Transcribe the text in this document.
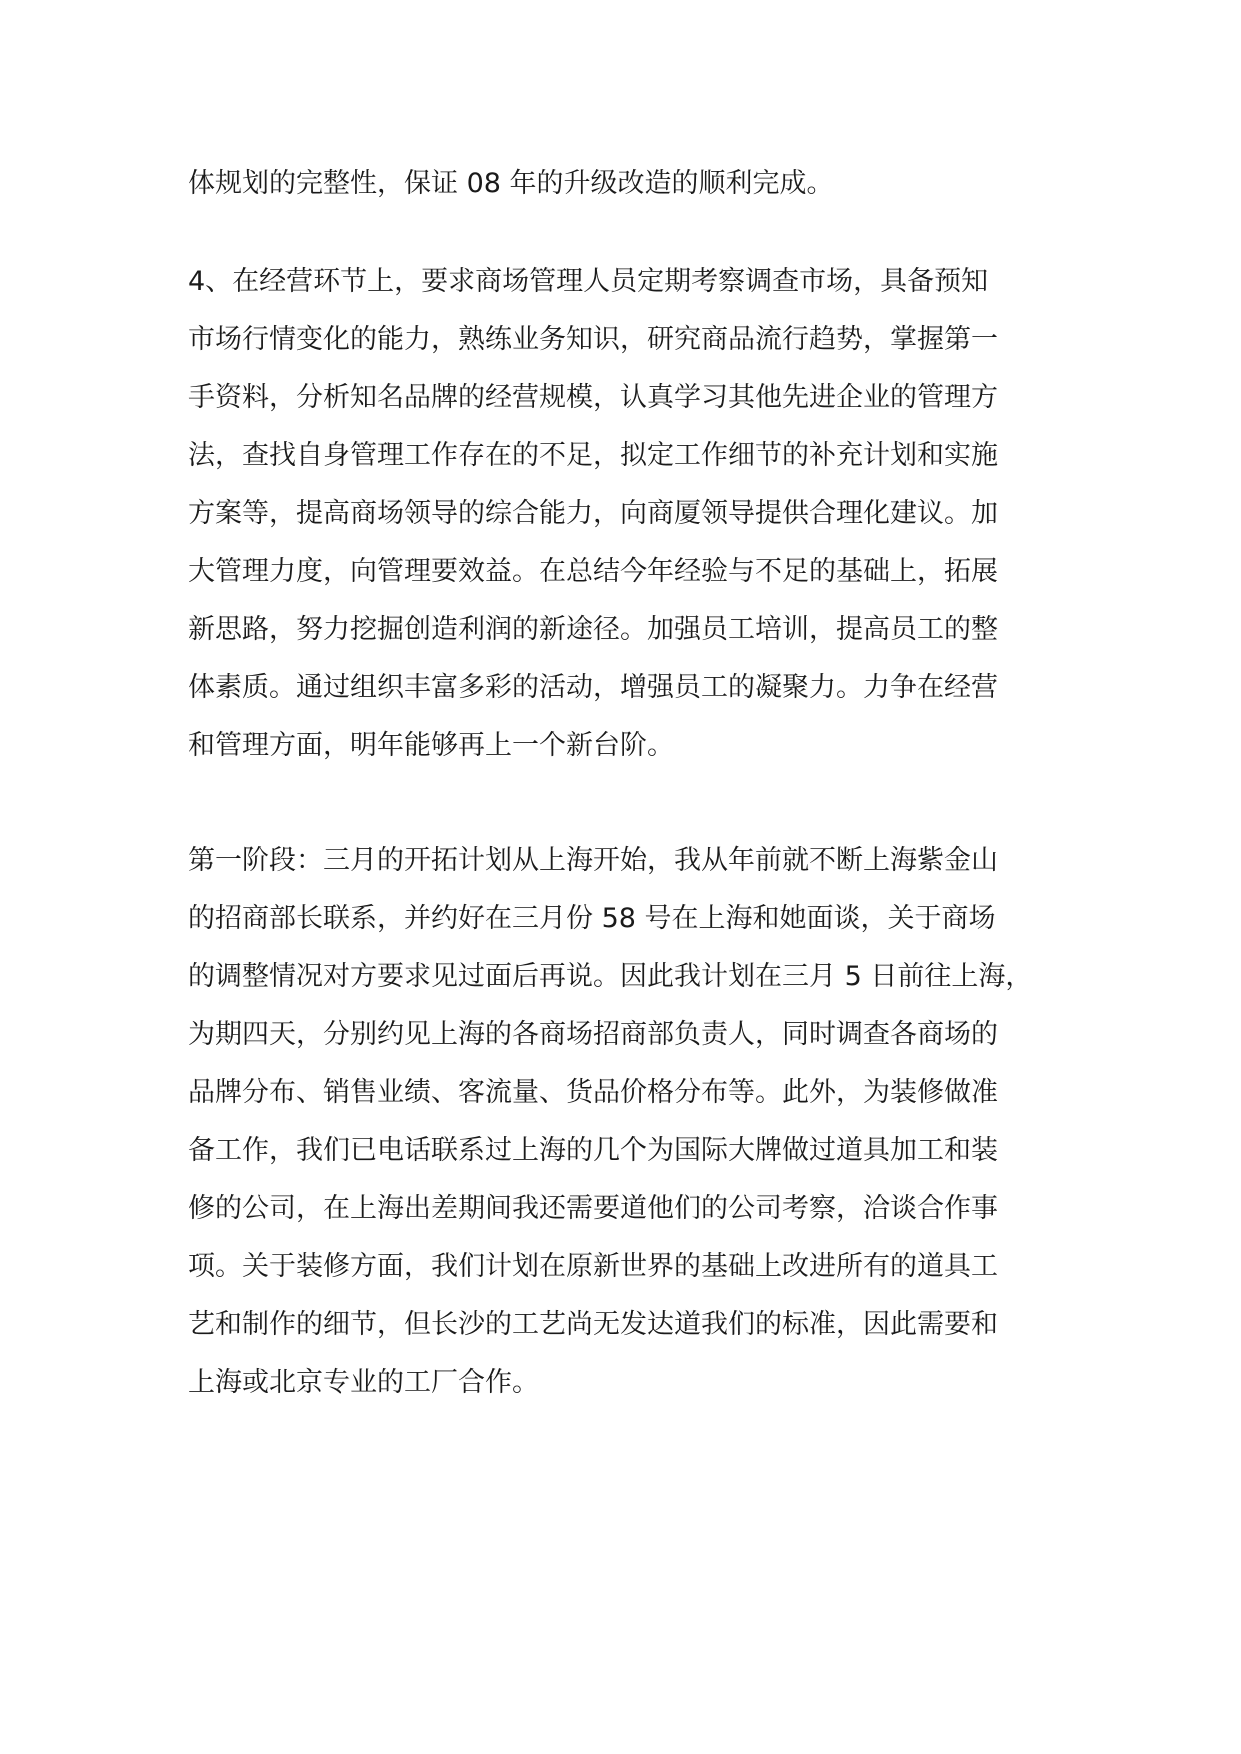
体规划的完整性，保证 08 年的升级改造的顺利完成。
4、在经营环节上，要求商场管理人员定期考察调查市场，具备预知
市场行情变化的能力，熟练业务知识，研究商品流行趋势，掌握第一
手资料，分析知名品牌的经营规模，认真学习其他先进企业的管理方
法，查找自身管理工作存在的不足，拟定工作细节的补充计划和实施
方案等，提高商场领导的综合能力，向商厦领导提供合理化建议。加
大管理力度，向管理要效益。在总结今年经验与不足的基础上，拓展
新思路，努力挖掘创造利润的新途径。加强员工培训，提高员工的整
体素质。通过组织丰富多彩的活动，增强员工的凝聚力。力争在经营
和管理方面，明年能够再上一个新台阶。
第一阶段：三月的开拓计划从上海开始，我从年前就不断上海紫金山
的招商部长联系，并约好在三月份 58 号在上海和她面谈，关于商场
的调整情况对方要求见过面后再说。因此我计划在三月 5 日前往上海，
为期四天，分别约见上海的各商场招商部负责人，同时调查各商场的
品牌分布、销售业绩、客流量、货品价格分布等。此外，为装修做准
备工作，我们已电话联系过上海的几个为国际大牌做过道具加工和装
修的公司，在上海出差期间我还需要道他们的公司考察，洽谈合作事
项。关于装修方面，我们计划在原新世界的基础上改进所有的道具工
艺和制作的细节，但长沙的工艺尚无发达道我们的标准，因此需要和
上海或北京专业的工厂合作。
